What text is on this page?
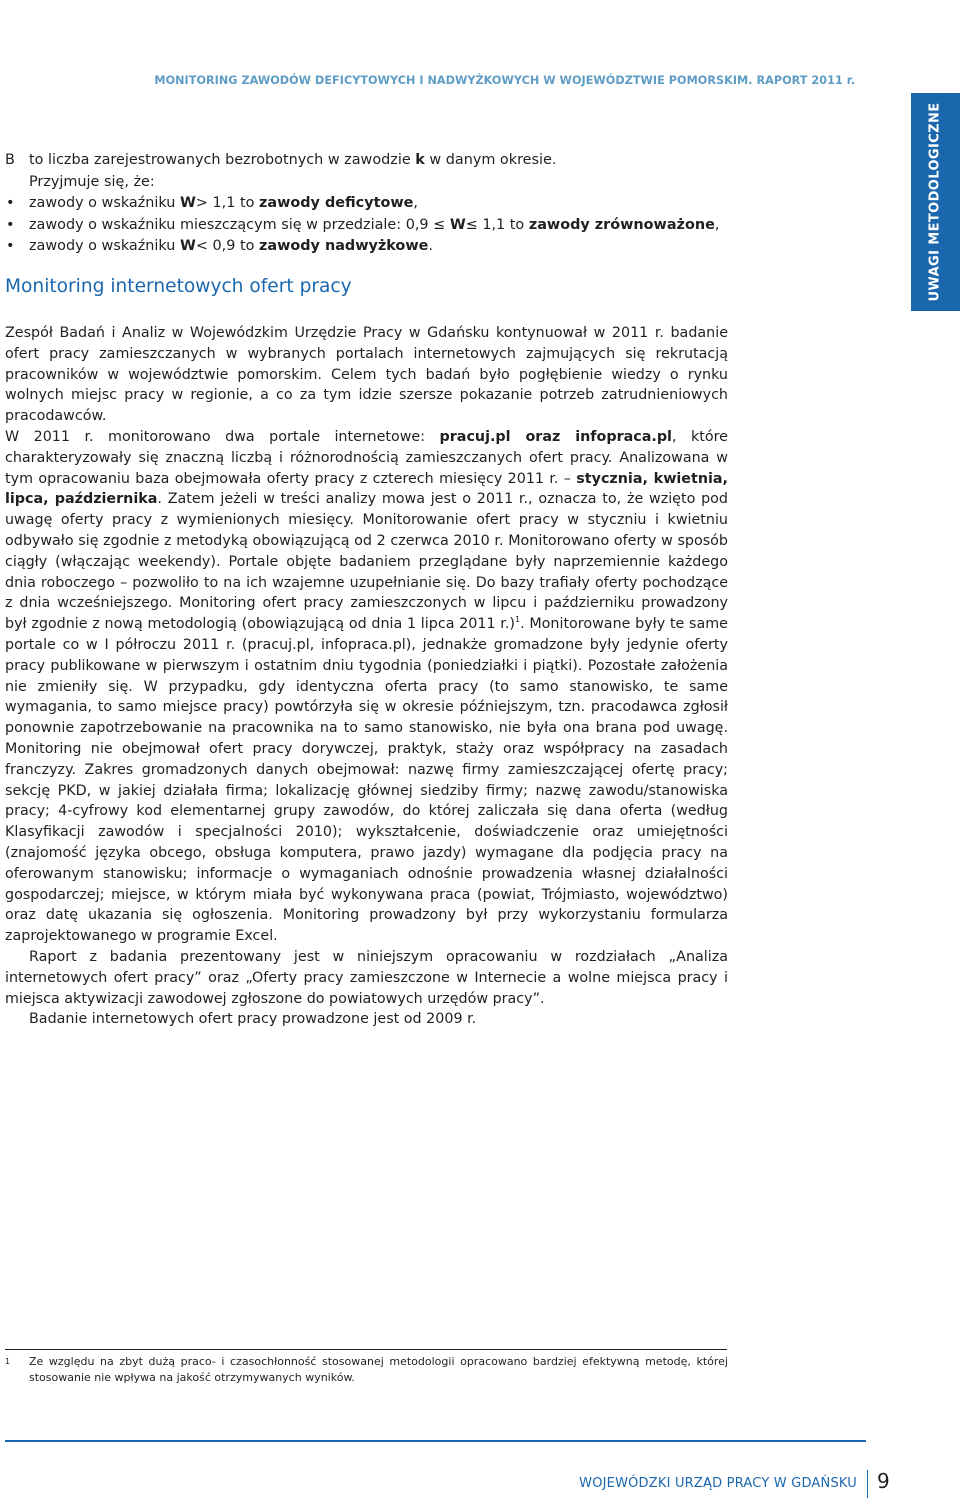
MONITORING ZAWODÓW DEFICYTOWYCH I NADWYŻKOWYCH W WOJEWÓDZTWIE POMORSKIM. RAPORT 2011 r.
UWAGI METODOLOGICZNE
B to liczba zarejestrowanych bezrobotnych w zawodzie k w danym okresie.
Przyjmuje się, że:
• zawody o wskaźniku W> 1,1 to zawody deficytowe,
• zawody o wskaźniku mieszczącym się w przedziale: 0,9 ≤ W≤ 1,1 to zawody zrównoważone,
• zawody o wskaźniku W< 0,9 to zawody nadwyżkowe.
Monitoring internetowych ofert pracy

Zespół Badań i Analiz w Wojewódzkim Urzędzie Pracy w Gdańsku kontynuował w 2011 r. badanie ofert pracy zamieszczanych w wybranych portalach internetowych zajmujących się rekrutacją pracowników w województwie pomorskim. Celem tych badań było pogłębienie wiedzy o rynku wolnych miejsc pracy w regionie, a co za tym idzie szersze pokazanie potrzeb zatrudnieniowych pracodawców.

W 2011 r. monitorowano dwa portale internetowe: pracuj.pl oraz infopraca.pl, które charakteryzowały się znaczną liczbą i różnorodnością zamieszczanych ofert pracy. Analizowana w tym opracowaniu baza obejmowała oferty pracy z czterech miesięcy 2011 r. – stycznia, kwietnia, lipca, października. Zatem jeżeli w treści analizy mowa jest o 2011 r., oznacza to, że wzięto pod uwagę oferty pracy z wymienionych miesięcy. Monitorowanie ofert pracy w styczniu i kwietniu odbywało się zgodnie z metodyką obowiązującą od 2 czerwca 2010 r. Monitorowano oferty w sposób ciągły (włączając weekendy). Portale objęte badaniem przeglądane były naprzemiennie każdego dnia roboczego – pozwoliło to na ich wzajemne uzupełnianie się. Do bazy trafiały oferty pochodzące z dnia wcześniejszego. Monitoring ofert pracy zamieszczonych w lipcu i październiku prowadzony był zgodnie z nową metodologią (obowiązującą od dnia 1 lipca 2011 r.)$^1$. Monitorowane były te same portale co w I półroczu 2011 r. (pracuj.pl, infopraca.pl), jednakże gromadzone były jedynie oferty pracy publikowane w pierwszym i ostatnim dniu tygodnia (poniedziałki i piątki). Pozostałe założenia nie zmieniły się. W przypadku, gdy identyczna oferta pracy (to samo stanowisko, te same wymagania, to samo miejsce pracy) powtórzyła się w okresie późniejszym, tzn. pracodawca zgłosił ponownie zapotrzebowanie na pracownika na to samo stanowisko, nie była ona brana pod uwagę. Monitoring nie obejmował ofert pracy dorywczej, praktyk, staży oraz współpracy na zasadach franczyzy. Zakres gromadzonych danych obejmował: nazwę firmy zamieszczającej ofertę pracy; sekcję PKD, w jakiej działała firma; lokalizację głównej siedziby firmy; nazwę zawodu/stanowiska pracy; 4-cyfrowy kod elementarnej grupy zawodów, do której zaliczała się dana oferta (według Klasyfikacji zawodów i specjalności 2010); wykształcenie, doświadczenie oraz umiejętności (znajomość języka obcego, obsługa komputera, prawo jazdy) wymagane dla podjęcia pracy na oferowanym stanowisku; informacje o wymaganiach odnośnie prowadzenia własnej działalności gospodarczej; miejsce, w którym miała być wykonywana praca (powiat, Trójmiasto, województwo) oraz datę ukazania się ogłoszenia. Monitoring prowadzony był przy wykorzystaniu formularza zaprojektowanego w programie Excel.

Raport z badania prezentowany jest w niniejszym opracowaniu w rozdziałach „Analiza internetowych ofert pracy” oraz „Oferty pracy zamieszczone w Internecie a wolne miejsca pracy i miejsca aktywizacji zawodowej zgłoszone do powiatowych urzędów pracy”.

Badanie internetowych ofert pracy prowadzone jest od 2009 r.

1 Ze względu na zbyt dużą praco- i czasochłonność stosowanej metodologii opracowano bardziej efektywną metodę, której stosowanie nie wpływa na jakość otrzymywanych wyników.
WOJEWÓDZKI URZĄD PRACY W GDAŃSKU 9
